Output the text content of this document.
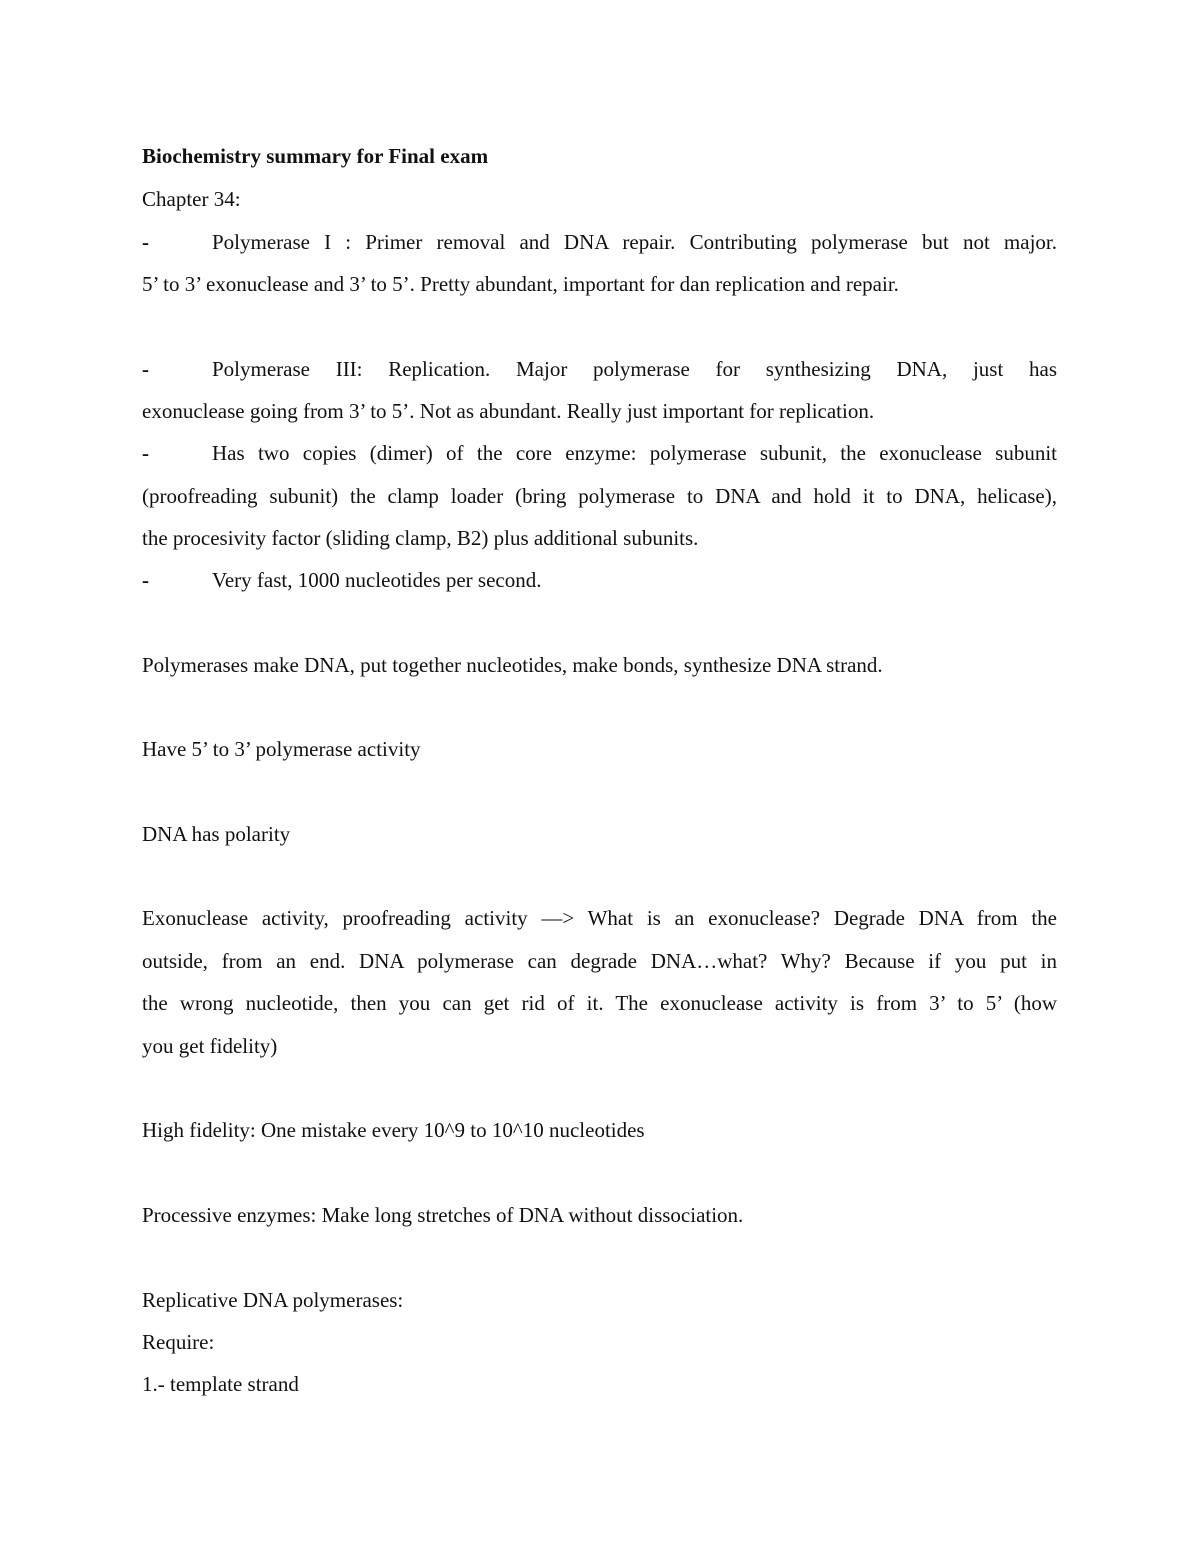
Biochemistry summary for Final exam
Chapter 34:
-	Polymerase I : Primer removal and DNA repair. Contributing polymerase but not major.
5’ to 3’ exonuclease and 3’ to 5’. Pretty abundant, important for dan replication and repair.
-	Polymerase III: Replication. Major polymerase for synthesizing DNA, just has
exonuclease going from 3’ to 5’. Not as abundant. Really just important for replication.
-	Has two copies (dimer) of the core enzyme: polymerase subunit, the exonuclease subunit
(proofreading subunit) the clamp loader (bring polymerase to DNA and hold it to DNA, helicase),
the procesivity factor (sliding clamp, B2) plus additional subunits.
-	Very fast, 1000 nucleotides per second.
Polymerases make DNA, put together nucleotides, make bonds, synthesize DNA strand.
Have 5’ to 3’ polymerase activity
DNA has polarity
Exonuclease activity, proofreading activity —> What is an exonuclease? Degrade DNA from the
outside, from an end. DNA polymerase can degrade DNA…what? Why? Because if you put in
the wrong nucleotide, then you can get rid of it. The exonuclease activity is from 3’ to 5’ (how
you get fidelity)
High fidelity: One mistake every 10^9 to 10^10 nucleotides
Processive enzymes: Make long stretches of DNA without dissociation.
Replicative DNA polymerases:
Require:
1.- template strand
